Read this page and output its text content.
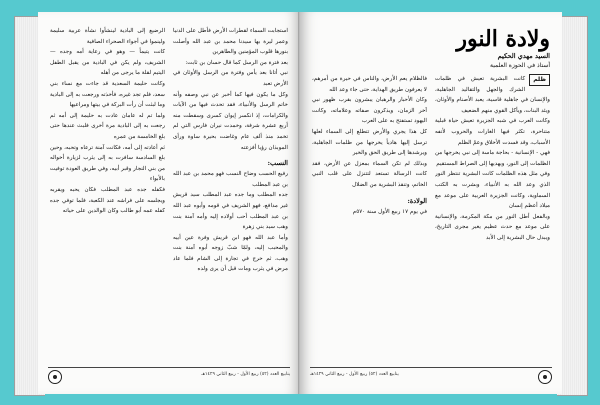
استجابت السماء لقطرات الأرض فأطل على الدنيا وعمر ليرة بها سيدنا محمد بن عبد الله وأصلت بنورها قلوب المؤمنين والطاهرين

بعد فترة من الرسل كما قال حسان بن ثابت:

نبي أتانا بعد يأس وفترة من الرسل والأوثان في الأرض تعبد

وكل ما يكون فيها كما أخبر عن نبي وصفه وأنه خاتم الرسل والأنبياء، فقد تحدث فيها من الآيات والكرامات، إذ انكسر إيوان كسرى وسقطت منه أربع عشرة شرفة، وخمدت نيران فارس التي لم تخمد منذ ألف عام وغاضت بحيرة ساوة ورأى الموبذان رؤيا أفزعته

النسب:

رفيع الحسب وضاح النسب فهو محمد بن عبد الله بن عبد المطلب

جده المطلب وما جده عبد المطلب سيد قريش غير مدافع، فهو الشريف في قومه وأبوه عبد الله بن عبد المطلب أحب أولاده إليه وأمه آمنة بنت وهب سيد بني زهرة

وأما عبد الله فهو ابن قريش وفرة عين أبيه والمحبب إليه، ولمّا شبّ زوجه أبوه آمنة بنت وهب، ثم خرج في تجارة إلى الشام فلما عاد مرض في يثرب ومات قبل أن يرى ولده

الرضيع إلى البادية لينشأوا نشأة عربية سليمة ولينموا في أجواء الصحراء الصافية

كانت يتيماً — وهو في رعاية أمه وجده — الشريف، ولم يكن في البادية من يقبل الطفل اليتيم لقلة ما يرجى من أهله

وكانت حليمة السعدية قد جاءت مع نساء بني سعد، فلم تجد غيره، فأخذته ورجعت به إلى البادية وما لبثت أن رأت البركة في بيتها ومراعيها

ولما تم له عامان عادت به حليمة إلى أمه ثم رجعت به إلى البادية مرة أخرى فلبث عندها حتى بلغ الخامسة من عمره

ثم أعادته إلى أمه، فكانت آمنة ترعاه وتحبه، وحين بلغ السادسة سافرت به إلى يثرب لزيارة أخواله من بني النجار وقبر أبيه، وفي طريق العودة توفيت بالأبواء

فكفله جده عبد المطلب فكان يحبه ويقربه ويجلسه على فراشه عند الكعبة، فلما توفي جده كفله عمه أبو طالب وكان الوالدين على حياته

ينابيع العدد (٥٢) ربيع الأول - ربيع الثاني ١٤٢٩هـ
ولادة النور
السيد مهدي الحكيم
أستاذ في الحوزة العلمية
ظلم

كانت البشرية تعيش في ظلمات الشرك والجهل والتقاليد الجاهلية، والإنسان في جاهلية قاسية، يعبد الأصنام والأوثان، ويئد البنات، ويأكل القوي منهم الضعيف

وكانت العرب في شبه الجزيرة تعيش حياة قبلية متناحرة، تكثر فيها الغارات والحروب لأتفه الأسباب، وقد فسدت الأخلاق وعمّ الظلم

فهي - الإنسانية - بحاجة ماسة إلى نبي يخرجها من الظلمات إلى النور، ويهديها إلى الصراط المستقيم

وفي مثل هذه الظلمات كانت البشرية تنتظر النور الذي وعد الله به الأنبياء، وبشرت به الكتب السماوية، وكانت الجزيرة العربية على موعد مع ميلاد أعظم إنسان

وبالفعل أطل النور من مكة المكرمة، والإنسانية على موعد مع حدث عظيم يغير مجرى التاريخ، ويبدل حال البشرية إلى الأبد

فالظلام يعم الأرض، والناس في حيرة من أمرهم، لا يعرفون طريق الهداية، حتى جاء وعد الله

وكان الأحبار والرهبان يبشرون بقرب ظهور نبي آخر الزمان، ويذكرون صفاته وعلاماته، وكانت اليهود تستفتح به على العرب

كل هذا يجري والأرض تتطلع إلى السماء لعلها ترسل إليها هادياً يخرجها من ظلمات الجاهلية، ويرشدها إلى طريق الحق والخير

وبذلك لم تكن السماء بمعزل عن الأرض، فقد كانت الرسالة تستعد لتتنزل على قلب النبي الخاتم، وتنقذ البشرية من الضلال

الولادة:

في يوم ١٧ ربيع الأول سنة ٥٧٠م

ينابيع العدد (٥٢) ربيع الأول - ربيع الثاني ١٤٢٩هـ
